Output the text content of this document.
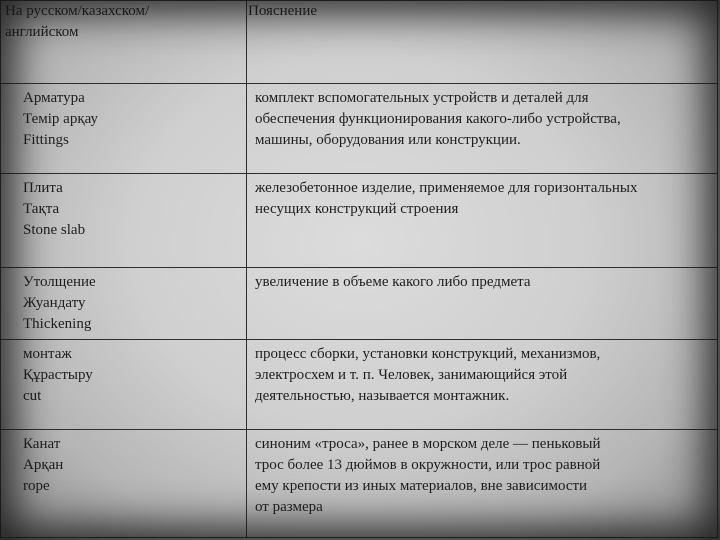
На русском/казахском/
английском	Пояснение

Арматура
Темір арқау
Fittings	комплект вспомогательных устройств и деталей для
обеспечения функционирования какого-либо устройства,
машины, оборудования или конструкции.

Плита
Тақта
Stone slab	железобетонное изделие, применяемое для горизонтальных
несущих конструкций строения

Утолщение
Жуандату
Thickening	увеличение в объеме какого либо предмета

монтаж
Құрастыру
cut	процесс сборки, установки конструкций, механизмов,
электросхем и т. п. Человек, занимающийся этой
деятельностью, называется монтажник.

Канат
Арқан
rope	синоним «троса», ранее в морском деле — пеньковый
трос более 13 дюймов в окружности, или трос равной
ему крепости из иных материалов, вне зависимости
от размера
